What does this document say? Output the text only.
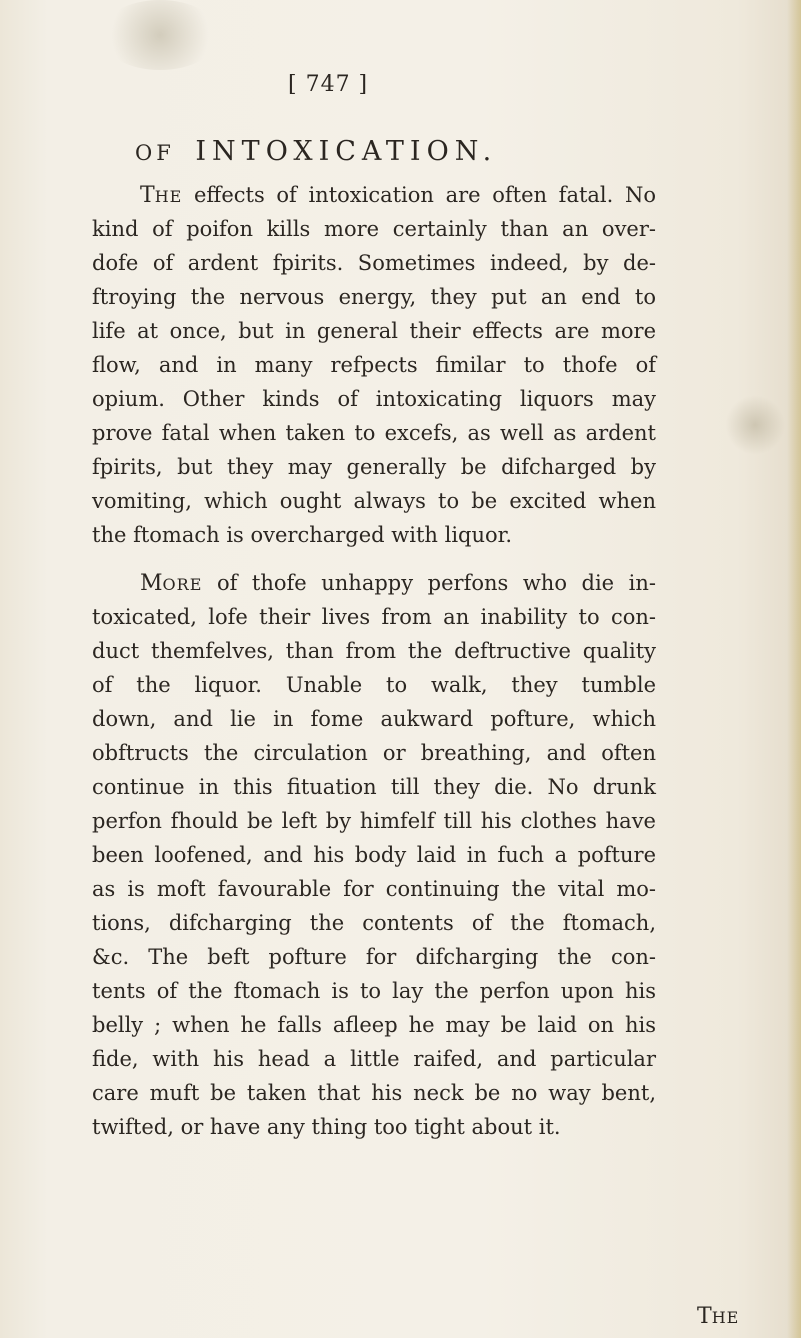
[ 747 ]
OF INTOXICATION.
THE effects of intoxication are often fatal. No
kind of poifon kills more certainly than an over-
dofe of ardent fpirits. Sometimes indeed, by de-
ftroying the nervous energy, they put an end to
life at once, but in general their effects are more
flow, and in many refpects fimilar to thofe of
opium. Other kinds of intoxicating liquors may
prove fatal when taken to excefs, as well as ardent
fpirits, but they may generally be difcharged by
vomiting, which ought always to be excited when
the ftomach is overcharged with liquor.
MORE of thofe unhappy perfons who die in-
toxicated, lofe their lives from an inability to con-
duct themfelves, than from the deftructive quality
of the liquor. Unable to walk, they tumble
down, and lie in fome aukward pofture, which
obftructs the circulation or breathing, and often
continue in this fituation till they die. No drunk
perfon fhould be left by himfelf till his clothes have
been loofened, and his body laid in fuch a pofture
as is moft favourable for continuing the vital mo-
tions, difcharging the contents of the ftomach,
&c. The beft pofture for difcharging the con-
tents of the ftomach is to lay the perfon upon his
belly ; when he falls afleep he may be laid on his
fide, with his head a little raifed, and particular
care muft be taken that his neck be no way bent,
twifted, or have any thing too tight about it.
THE
